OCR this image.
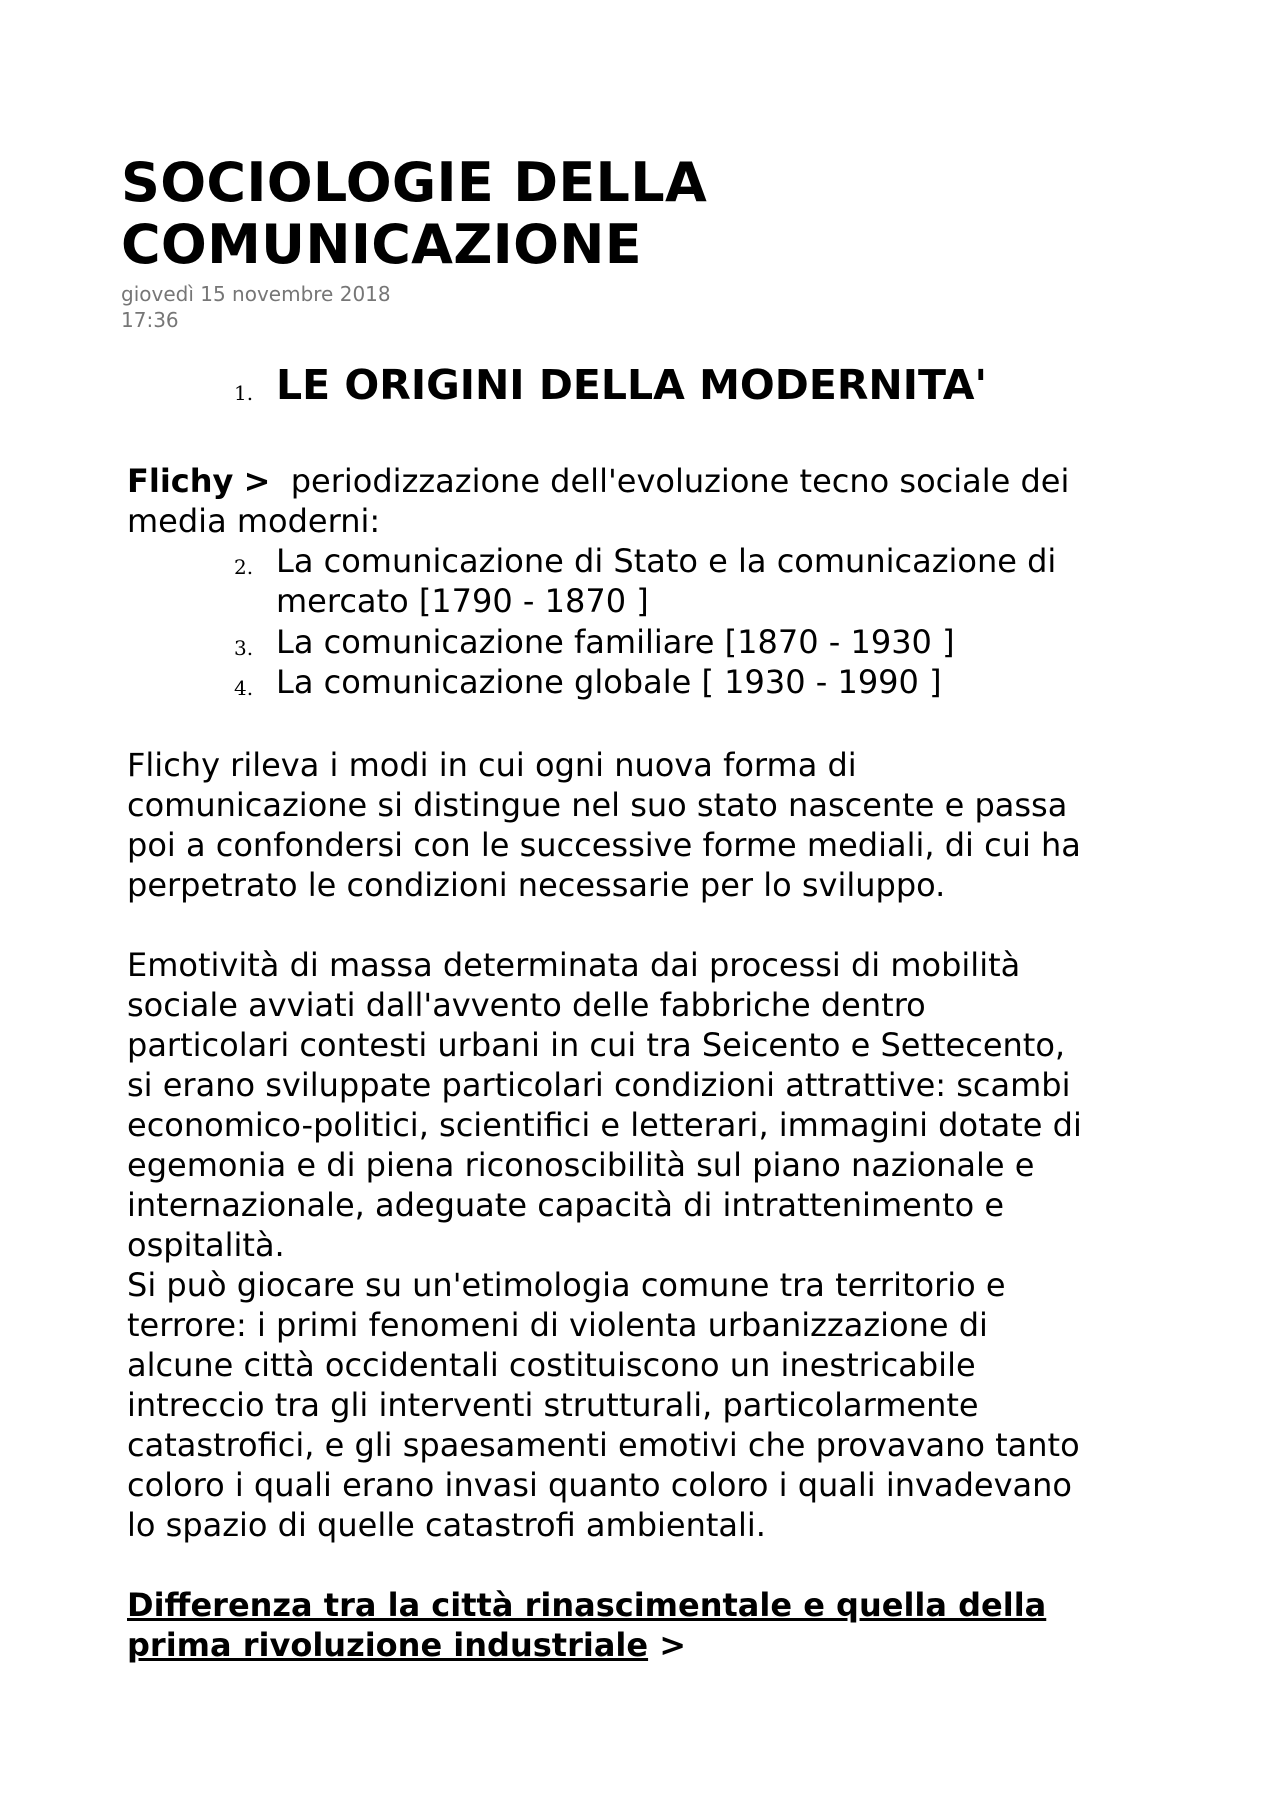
SOCIOLOGIE DELLA
COMUNICAZIONE
giovedì 15 novembre 2018
17:36
1. LE ORIGINI DELLA MODERNITA'

Flichy > periodizzazione dell'evoluzione tecno sociale dei
media moderni:

2. La comunicazione di Stato e la comunicazione di
mercato [1790 - 1870 ]

3. La comunicazione familiare [1870 - 1930 ]

4. La comunicazione globale [ 1930 - 1990 ]

Flichy rileva i modi in cui ogni nuova forma di
comunicazione si distingue nel suo stato nascente e passa
poi a confondersi con le successive forme mediali, di cui ha
perpetrato le condizioni necessarie per lo sviluppo.

Emotività di massa determinata dai processi di mobilità
sociale avviati dall'avvento delle fabbriche dentro
particolari contesti urbani in cui tra Seicento e Settecento,
si erano sviluppate particolari condizioni attrattive: scambi
economico-politici, scientifici e letterari, immagini dotate di
egemonia e di piena riconoscibilità sul piano nazionale e
internazionale, adeguate capacità di intrattenimento e
ospitalità.
Si può giocare su un'etimologia comune tra territorio e
terrore: i primi fenomeni di violenta urbanizzazione di
alcune città occidentali costituiscono un inestricabile
intreccio tra gli interventi strutturali, particolarmente
catastrofici, e gli spaesamenti emotivi che provavano tanto
coloro i quali erano invasi quanto coloro i quali invadevano
lo spazio di quelle catastrofi ambientali.

Differenza tra la città rinascimentale e quella della
prima rivoluzione industriale >
